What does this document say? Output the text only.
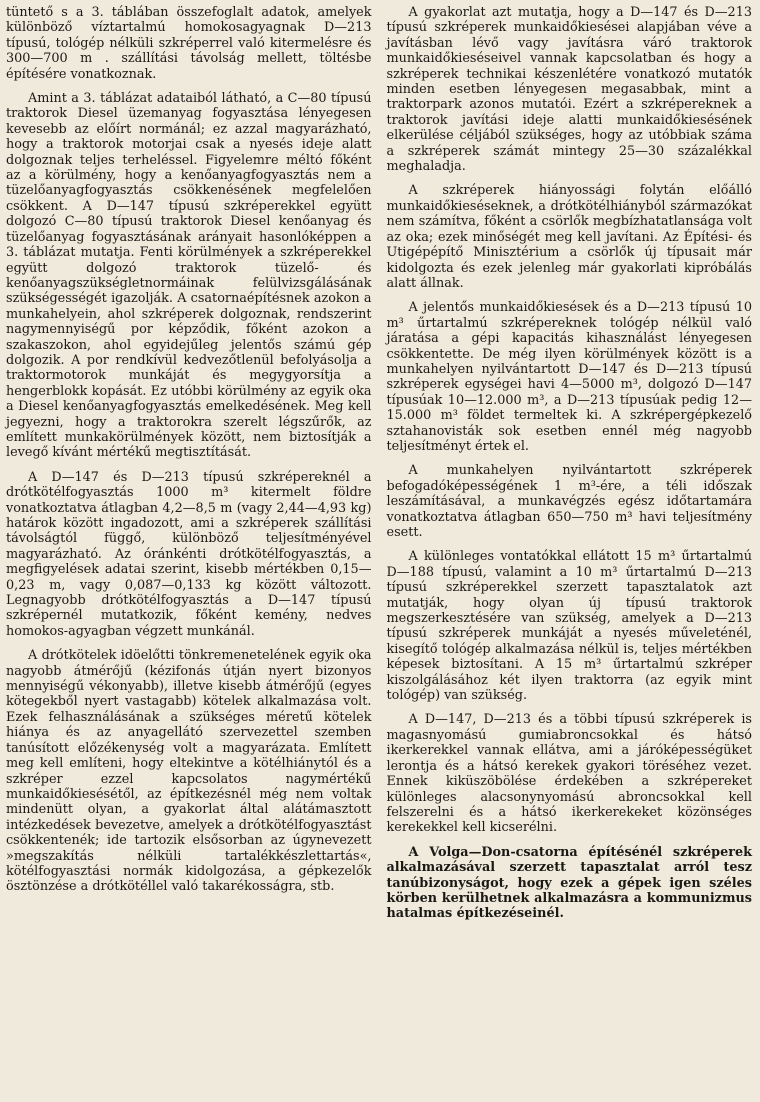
tüntető s a 3. táblában összefoglalt adatok, amelyek különböző víztartalmú homokosagyagnak D—213 típusú, tológép nélküli szkréperrel való kitermelésre és 300—700 m . szállítási távolság mellett, töltésbe építésére vonatkoznak.

Amint a 3. táblázat adataiból látható, a C—80 típusú traktorok Diesel üzemanyag fogyasztása lényegesen kevesebb az előírt normánál; ez azzal magyarázható, hogy a traktorok motorjai csak a nyesés ideje alatt dolgoznak teljes terheléssel. Figyelemre méltó főként az a körülmény, hogy a kenőanyagfogyasztás nem a tüzelőanyagfogyasztás csökkenésének megfelelően csökkent. A D—147 típusú szkréperekkel együtt dolgozó C—80 típusú traktorok Diesel kenőanyag és tüzelőanyag fogyasztásának arányait hasonlóképpen a 3. táblázat mutatja. Fenti körülmények a szkréperekkel együtt dolgozó traktorok tüzelő- és kenőanyagszükségletnormáinak felülvizsgálásának szükségességét igazolják. A csatornaépítésnek azokon a munkahelyein, ahol szkréperek dolgoznak, rendszerint nagymennyiségű por képződik, főként azokon a szakaszokon, ahol egyidejűleg jelentős számú gép dolgozik. A por rendkívül kedvezőtlenül befolyásolja a traktormotorok munkáját és megygyorsítja a hengerblokk kopását. Ez utóbbi körülmény az egyik oka a Diesel kenőanyagfogyasztás emelkedésének. Meg kell jegyezni, hogy a traktorokra szerelt légszűrők, az említett munkakörülmények között, nem biztosítják a levegő kívánt mértékű megtisztítását.

A D—147 és D—213 típusú szkrépereknél a drótkötélfogyasztás 1000 m³ kitermelt földre vonatkoztatva átlagban 4,2—8,5 m (vagy 2,44—4,93 kg) határok között ingadozott, ami a szkréperek szállítási távolságtól függő, különböző teljesítményével magyarázható. Az óránkénti drótkötélfogyasztás, a megfigyelések adatai szerint, kisebb mértékben 0,15—0,23 m, vagy 0,087—0,133 kg között változott. Legnagyobb drótkötélfogyasztás a D—147 típusú szkrépernél mutatkozik, főként kemény, nedves homokos-agyagban végzett munkánál.

A drótkötelek idöelőtti tönkremenetelének egyik oka nagyobb átmérőjű (kézifonás útján nyert bizonyos mennyiségű vékonyabb), illetve kisebb átmérőjű (egyes kötegekből nyert vastagabb) kötelek alkalmazása volt. Ezek felhasználásának a szükséges méretű kötelek hiánya és az anyagellátó szervezettel szemben tanúsított előzékenység volt a magyarázata. Említett meg kell említeni, hogy eltekintve a kötélhiánytól és a szkréper ezzel kapcsolatos nagymértékű munkaidőkiesésétől, az építkezésnél még nem voltak mindenütt olyan, a gyakorlat által alátámasztott intézkedések bevezetve, amelyek a drótkötélfogyasztást csökkentenék; ide tartozik elsősorban az úgynevezett »megszakítás nélküli tartalékkészlettartás«, kötélfogyasztási normák kidolgozása, a gépkezelők ösztönzése a drótkötéllel való takarékosságra, stb.

A gyakorlat azt mutatja, hogy a D—147 és D—213 típusú szkréperek munkaidőkiesései alapjában véve a javításban lévő vagy javításra váró traktorok munkaidőkieséseivel vannak kapcsolatban és hogy a szkréperek technikai készenlétére vonatkozó mutatók minden esetben lényegesen megasabbak, mint a traktorpark azonos mutatói. Ezért a szkrépereknek a traktorok javítási ideje alatti munkaidőkiesésének elkerülése céljából szükséges, hogy az utóbbiak száma a szkréperek számát mintegy 25—30 százalékkal meghaladja.

A szkréperek hiányossági folytán előálló munkaidőkieséseknek, a drótkötélhiányból származókat nem számítva, főként a csörlők megbízhatatlansága volt az oka; ezek minőségét meg kell javítani. Az Építési- és Utigépépítő Minisztérium a csörlők új típusait már kidolgozta és ezek jelenleg már gyakorlati kipróbálás alatt állnak.

A jelentős munkaidőkiesések és a D—213 típusú 10 m³ űrtartalmú szkrépereknek tológép nélkül való járatása a gépi kapacitás kihasználást lényegesen csökkentette. De még ilyen körülmények között is a munkahelyen nyilvántartott D—147 és D—213 típusú szkréperek egységei havi 4—5000 m³, dolgozó D—147 típusúak 10—12.000 m³, a D—213 típusúak pedig 12—15.000 m³ földet termeltek ki. A szkrépergépkezelő sztahanovisták sok esetben ennél még nagyobb teljesítményt értek el.

A munkahelyen nyilvántartott szkréperek befogadóképességének 1 m³-ére, a téli időszak leszámításával, a munkavégzés egész időtartamára vonatkoztatva átlagban 650—750 m³ havi teljesítmény esett.

A különleges vontatókkal ellátott 15 m³ űrtartalmú D—188 típusú, valamint a 10 m³ űrtartalmú D—213 típusú szkréperekkel szerzett tapasztalatok azt mutatják, hogy olyan új típusú traktorok megszerkesztésére van szükség, amelyek a D—213 típusú szkréperek munkáját a nyesés műveleténél, kisegítő tológép alkalmazása nélkül is, teljes mértékben képesek biztosítani. A 15 m³ űrtartalmú szkréper kiszolgálásához két ilyen traktorra (az egyik mint tológép) van szükség.

A D—147, D—213 és a többi típusú szkréperek is magasnyomású gumiabroncsokkal és hátsó ikerkerekkel vannak ellátva, ami a járóképességüket lerontja és a hátsó kerekek gyakori töréséhez vezet. Ennek kiküszöbölése érdekében a szkrépereket különleges alacsonynyomású abroncsokkal kell felszerelni és a hátsó ikerkerekeket közönséges kerekekkel kell kicserélni.

A Volga—Don-csatorna építésénél szkréperek alkalmazásával szerzett tapasztalat arról tesz tanúbizonyságot, hogy ezek a gépek igen széles körben kerülhetnek alkalmazásra a kommunizmus hatalmas építkezéseinél.
